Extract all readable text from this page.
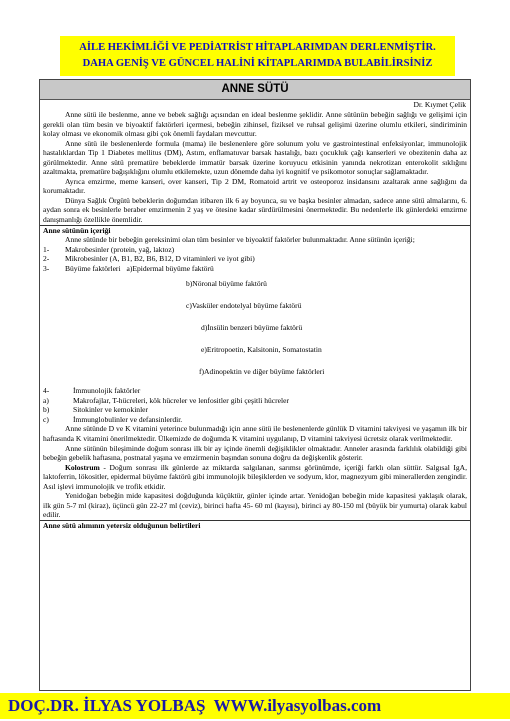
AİLE HEKİMLİĞİ VE PEDİATRİST HİTAPLARIMDAN DERLENMİŞTİR.
DAHA GENİŞ VE GÜNCEL HALİNİ KİTAPLARIMDA BULABİLİRSİNİZ
ANNE SÜTÜ
Dr. Kıymet Çelik

Anne sütü ile beslenme, anne ve bebek sağlığı açısından en ideal beslenme şeklidir. Anne sütünün bebeğin sağlığı ve gelişimi için gerekli olan tüm besin ve biyoaktif faktörleri içermesi, bebeğin zihinsel, fiziksel ve ruhsal gelişimi üzerine olumlu etkileri, sindiriminin kolay olması ve ekonomik olması gibi çok önemli faydaları mevcuttur.

Anne sütü ile beslenenlerde formula (mama) ile beslenenlere göre solunum yolu ve gastrointestinal enfeksiyonlar, immunolojik hastalıklardan Tip 1 Diabetes mellitus (DM), Astım, enflamatuvar barsak hastalığı, bazı çocukluk çağı kanserleri ve obezitenin daha az görülmektedir. Anne sütü prematüre bebeklerde immatür barsak üzerine koruyucu etkisinin yanında nekrotizan enterokolit sıklığını azaltmakta, prematüre bağışıklığını olumlu etkilemekte, uzun dönemde daha iyi kognitif ve psikomotor sonuçlar sağlamaktadır.

Ayrıca emzirme, meme kanseri, over kanseri, Tip 2 DM, Romatoid artrit ve osteoporoz insidansını azaltarak anne sağlığını da korumaktadır.

Dünya Sağlık Örgütü bebeklerin doğumdan itibaren ilk 6 ay boyunca, su ve başka besinler almadan, sadece anne sütü almalarını, 6. aydan sonra ek besinlerle beraber emzirmenin 2 yaş ve ötesine kadar sürdürülmesini önermektedir. Bu nedenlerle ilk günlerdeki emzirme danışmanlığı özellikle önemlidir.

Anne sütünün içeriği

Anne sütünde bir bebeğin gereksinimi olan tüm besinler ve biyoaktif faktörler bulunmaktadır. Anne sütünün içeriği;

1-	Makrobesinler (protein, yağ, laktoz)
2-	Mikrobesinler (A, B1, B2, B6, B12, D vitaminleri ve iyot gibi)
3-	Büyüme faktörleri a)Epidermal büyüme faktörü
b)Nöronal büyüme faktörü
c)Vasküler endotelyal büyüme faktörü
d)İnsülin benzeri büyüme faktörü
e)Eritropoetin, Kalsitonin, Somatostatin
f)Adinopektin ve diğer büyüme faktörleri
4-	İmmunolojik faktörler
a)	Makrofajlar, T-hücreleri, kök hücreler ve lenfositler gibi çeşitli hücreler
b)	Sitokinler ve kemokinler
c)	İmmunglobulinler ve defansinlerdir.

Anne sütünde D ve K vitamini yeterince bulunmadığı için anne sütü ile beslenenlerde günlük D vitamini takviyesi ve yaşamın ilk bir haftasında K vitamini önerilmektedir. Ülkemizde de doğumda K vitamini uygulanıp, D vitamini takviyesi ücretsiz olarak verilmektedir.

Anne sütünün bileşiminde doğum sonrası ilk bir ay içinde önemli değişiklikler olmaktadır. Anneler arasında farklılık olabildiği gibi bebeğin gebelik haftasına, postnatal yaşına ve emzirmenin başından sonuna doğru da değişkenlik gösterir.

Kolostrum - Doğum sonrası ilk günlerde az miktarda salgılanan, sarımsı görünümde, içeriği farklı olan süttür. Salgısal IgA, laktoferrin, lökositler, epidermal büyüme faktörü gibi immunolojik bileşiklerden ve sodyum, klor, magnezyum gibi minerallerden zengindir. Asıl işlevi immunolojik ve trofik etkidir.

Yenidoğan bebeğin mide kapasitesi doğduğunda küçüktür, günler içinde artar. Yenidoğan bebeğin mide kapasitesi yaklaşık olarak, ilk gün 5-7 ml (kiraz), üçüncü gün 22-27 ml (ceviz), birinci hafta 45- 60 ml (kayısı), birinci ay 80-150 ml (büyük bir yumurta) olarak kabul edilir.

Anne sütü alımının yetersiz olduğunun belirtileri
DOÇ.DR. İLYAS YOLBAŞ  WWW.ilyasyolbas.com
